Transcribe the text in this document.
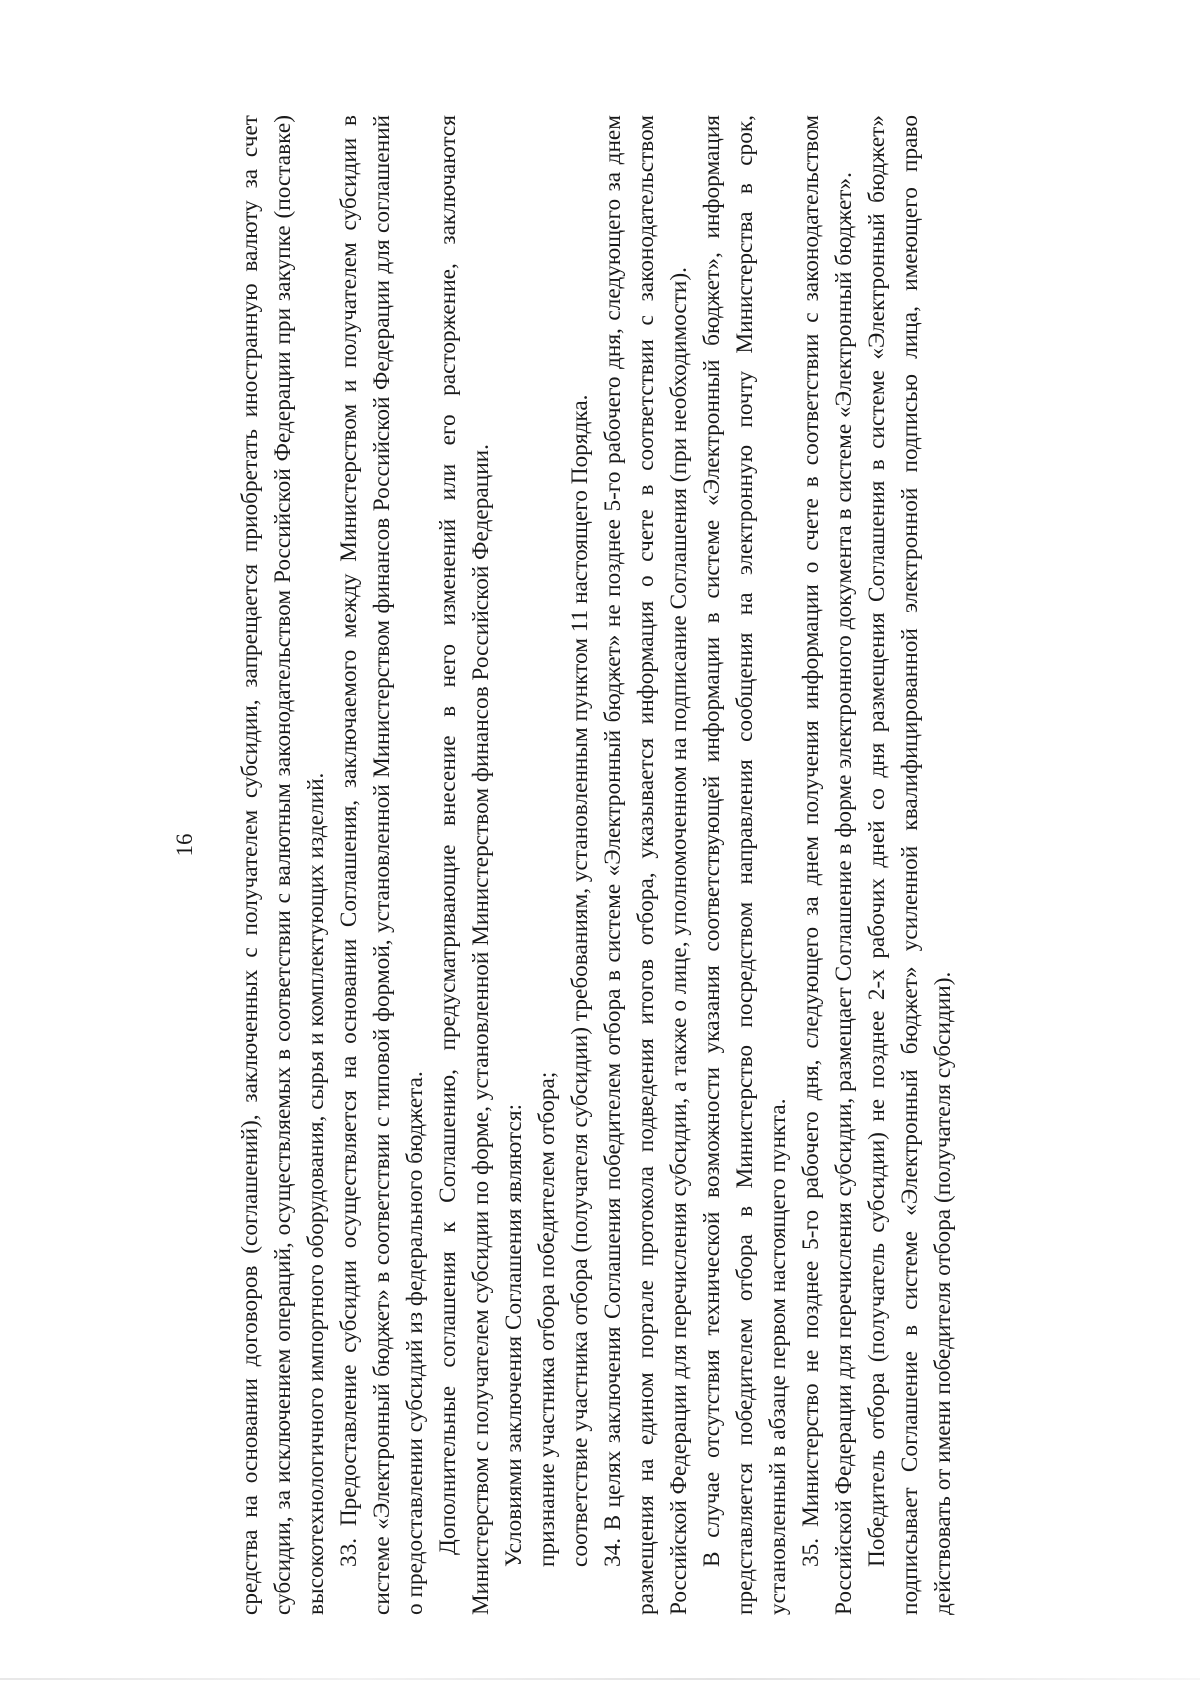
16 средства на основании договоров (соглашений), заключенных с получателем субсидии, запрещается приобретать иностранную валюту за счет субсидии, за исключением операций, осуществляемых в соответствии с валютным законодательством Российской Федерации при закупке (поставке) высокотехнологичного импортного оборудования, сырья и комплектующих изделий. 33. Предоставление субсидии осуществляется на основании Соглашения, заключаемого между Министерством и получателем субсидии в системе «Электронный бюджет» в соответствии с типовой формой, установленной Министерством финансов Российской Федерации для соглашений о предоставлении субсидий из федерального бюджета. Дополнительные соглашения к Соглашению, предусматривающие внесение в него изменений или его расторжение, заключаются Министерством с получателем субсидии по форме, установленной Министерством финансов Российской Федерации. Условиями заключения Соглашения являются: признание участника отбора победителем отбора; соответствие участника отбора (получателя субсидии) требованиям, установленным пунктом 11 настоящего Порядка. 34. В целях заключения Соглашения победителем отбора в системе «Электронный бюджет» не позднее 5-го рабочего дня, следующего за днем размещения на едином портале протокола подведения итогов отбора, указывается информация о счете в соответствии с законодательством Российской Федерации для перечисления субсидии, а также о лице, уполномоченном на подписание Соглашения (при необходимости). В случае отсутствия технической возможности указания соответствующей информации в системе «Электронный бюджет», информация представляется победителем отбора в Министерство посредством направления сообщения на электронную почту Министерства в срок, установленный в абзаце первом настоящего пункта. 35. Министерство не позднее 5-го рабочего дня, следующего за днем получения информации о счете в соответствии с законодательством Российской Федерации для перечисления субсидии, размещает Соглашение в форме электронного документа в системе «Электронный бюджет». Победитель отбора (получатель субсидии) не позднее 2-х рабочих дней со дня размещения Соглашения в системе «Электронный бюджет» подписывает Соглашение в системе «Электронный бюджет» усиленной квалифицированной электронной подписью лица, имеющего право действовать от имени победителя отбора (получателя субсидии).
